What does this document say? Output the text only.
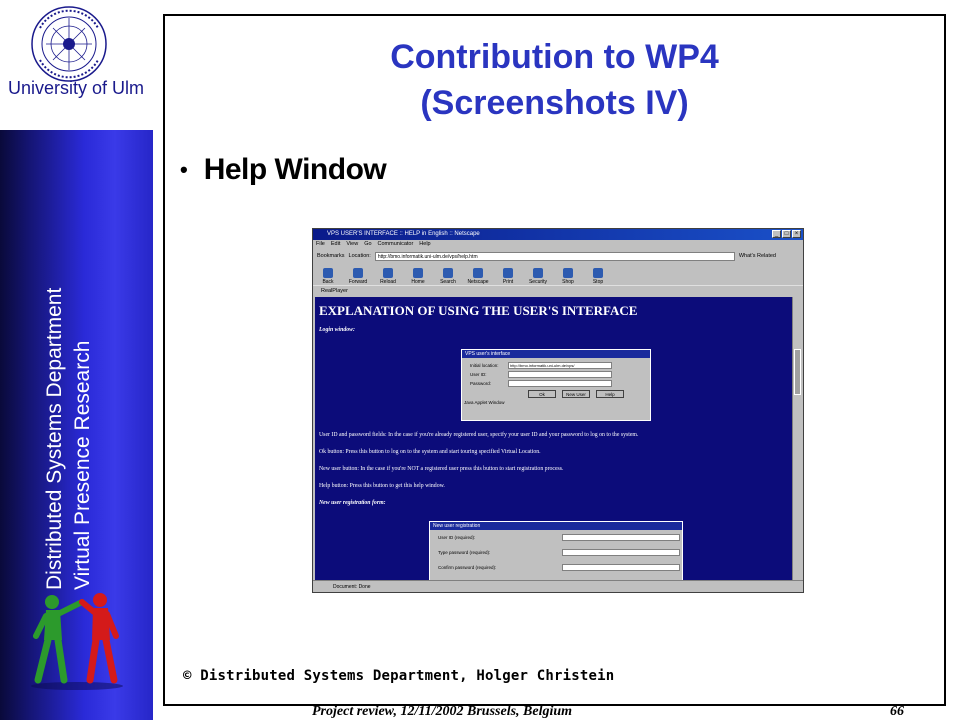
University of Ulm
Distributed Systems Department Virtual Presence Research
Contribution to WP4
(Screenshots IV)
• Help Window
VPS USER'S INTERFACE :: HELP in English :: Netscape	_	□	×
File Edit View Go Communicator Help
Bookmarks Location:	http://bmo.informatik.uni-ulm.de/vps/help.htm	What's Related
Back	Forward	Reload	Home	Search Netscape	Print	Security	Shop	Stop
RealPlayer
EXPLANATION OF USING THE USER'S INTERFACE
Login window:
VPS user's interface
Initial location:	http://bmo.informatik.uni-ulm.de/vps/
User ID:
Password:
Ok	New User	Help
Java Applet Window
User ID and password fields: In the case if you're already registered user, specify your user ID and your password to log on to the system.
Ok button: Press this button to log on to the system and start touring specified Virtual Location.
New user button: In the case if you're NOT a registered user press this button to start registration process.
Help button: Press this button to get this help window.
New user registration form:
New user registration
User ID (required):
Type password (required):
Confirm password (required):
Document: Done
© Distributed Systems Department, Holger Christein
Project review, 12/11/2002 Brussels, Belgium	66
